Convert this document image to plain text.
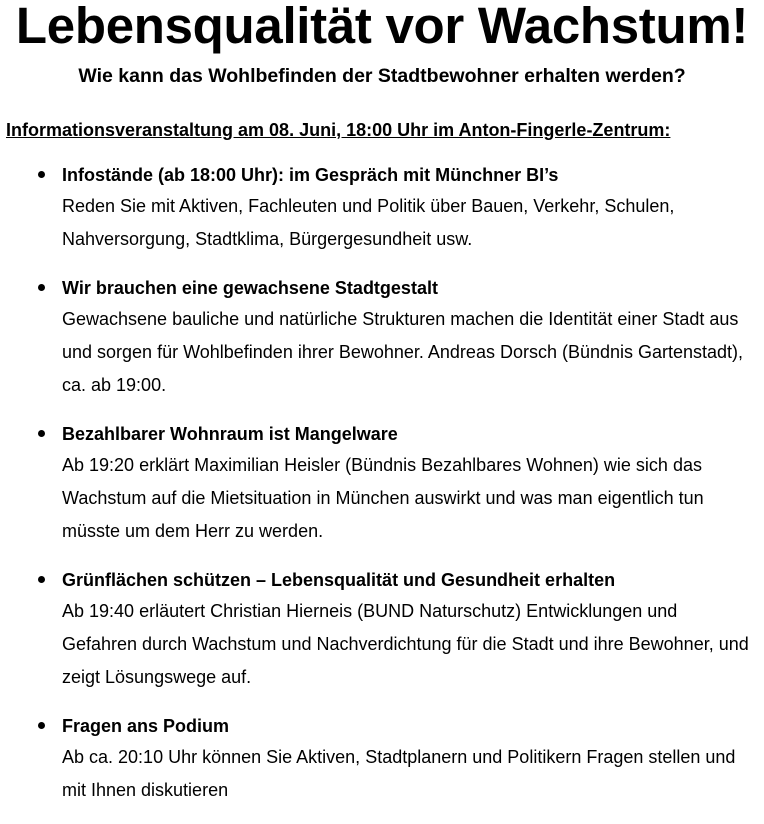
Lebensqualität vor Wachstum!
Wie kann das Wohlbefinden der Stadtbewohner erhalten werden?
Informationsveranstaltung am 08. Juni, 18:00 Uhr im Anton-Fingerle-Zentrum:
Infostände (ab 18:00 Uhr): im Gespräch mit Münchner BI’s
Reden Sie mit Aktiven, Fachleuten und Politik über Bauen, Verkehr, Schulen, Nahversorgung, Stadtklima, Bürgergesundheit usw.
Wir brauchen eine gewachsene Stadtgestalt
Gewachsene bauliche und natürliche Strukturen machen die Identität einer Stadt aus und sorgen für Wohlbefinden ihrer Bewohner. Andreas Dorsch (Bündnis Gartenstadt), ca. ab 19:00.
Bezahlbarer Wohnraum ist Mangelware
Ab 19:20 erklärt Maximilian Heisler (Bündnis Bezahlbares Wohnen) wie sich das Wachstum auf die Mietsituation in München auswirkt und was man eigentlich tun müsste um dem Herr zu werden.
Grünflächen schützen – Lebensqualität und Gesundheit erhalten
Ab 19:40 erläutert Christian Hierneis (BUND Naturschutz) Entwicklungen und Gefahren durch Wachstum und Nachverdichtung für die Stadt und ihre Bewohner, und zeigt Lösungswege auf.
Fragen ans Podium
Ab ca. 20:10 Uhr können Sie Aktiven, Stadtplanern und Politikern Fragen stellen und mit Ihnen diskutieren
